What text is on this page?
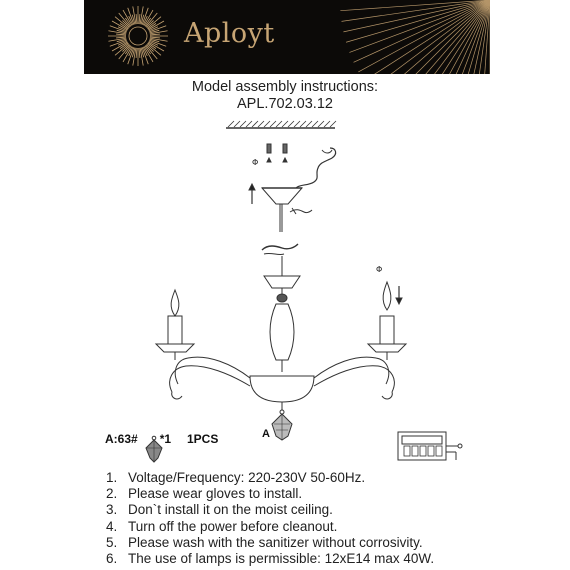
Aployt
Model assembly instructions:
APL.702.03.12
Φ
Φ
A:63# *1 1PCS	A
1. Voltage/Frequency: 220-230V 50-60Hz.
2. Please wear gloves to install.
3. Don`t install it on the moist ceiling.
4. Turn off the power before cleanout.
5. Please wash with the sanitizer without corrosivity.
6. The use of lamps is permissible: 12xE14 max 40W.
